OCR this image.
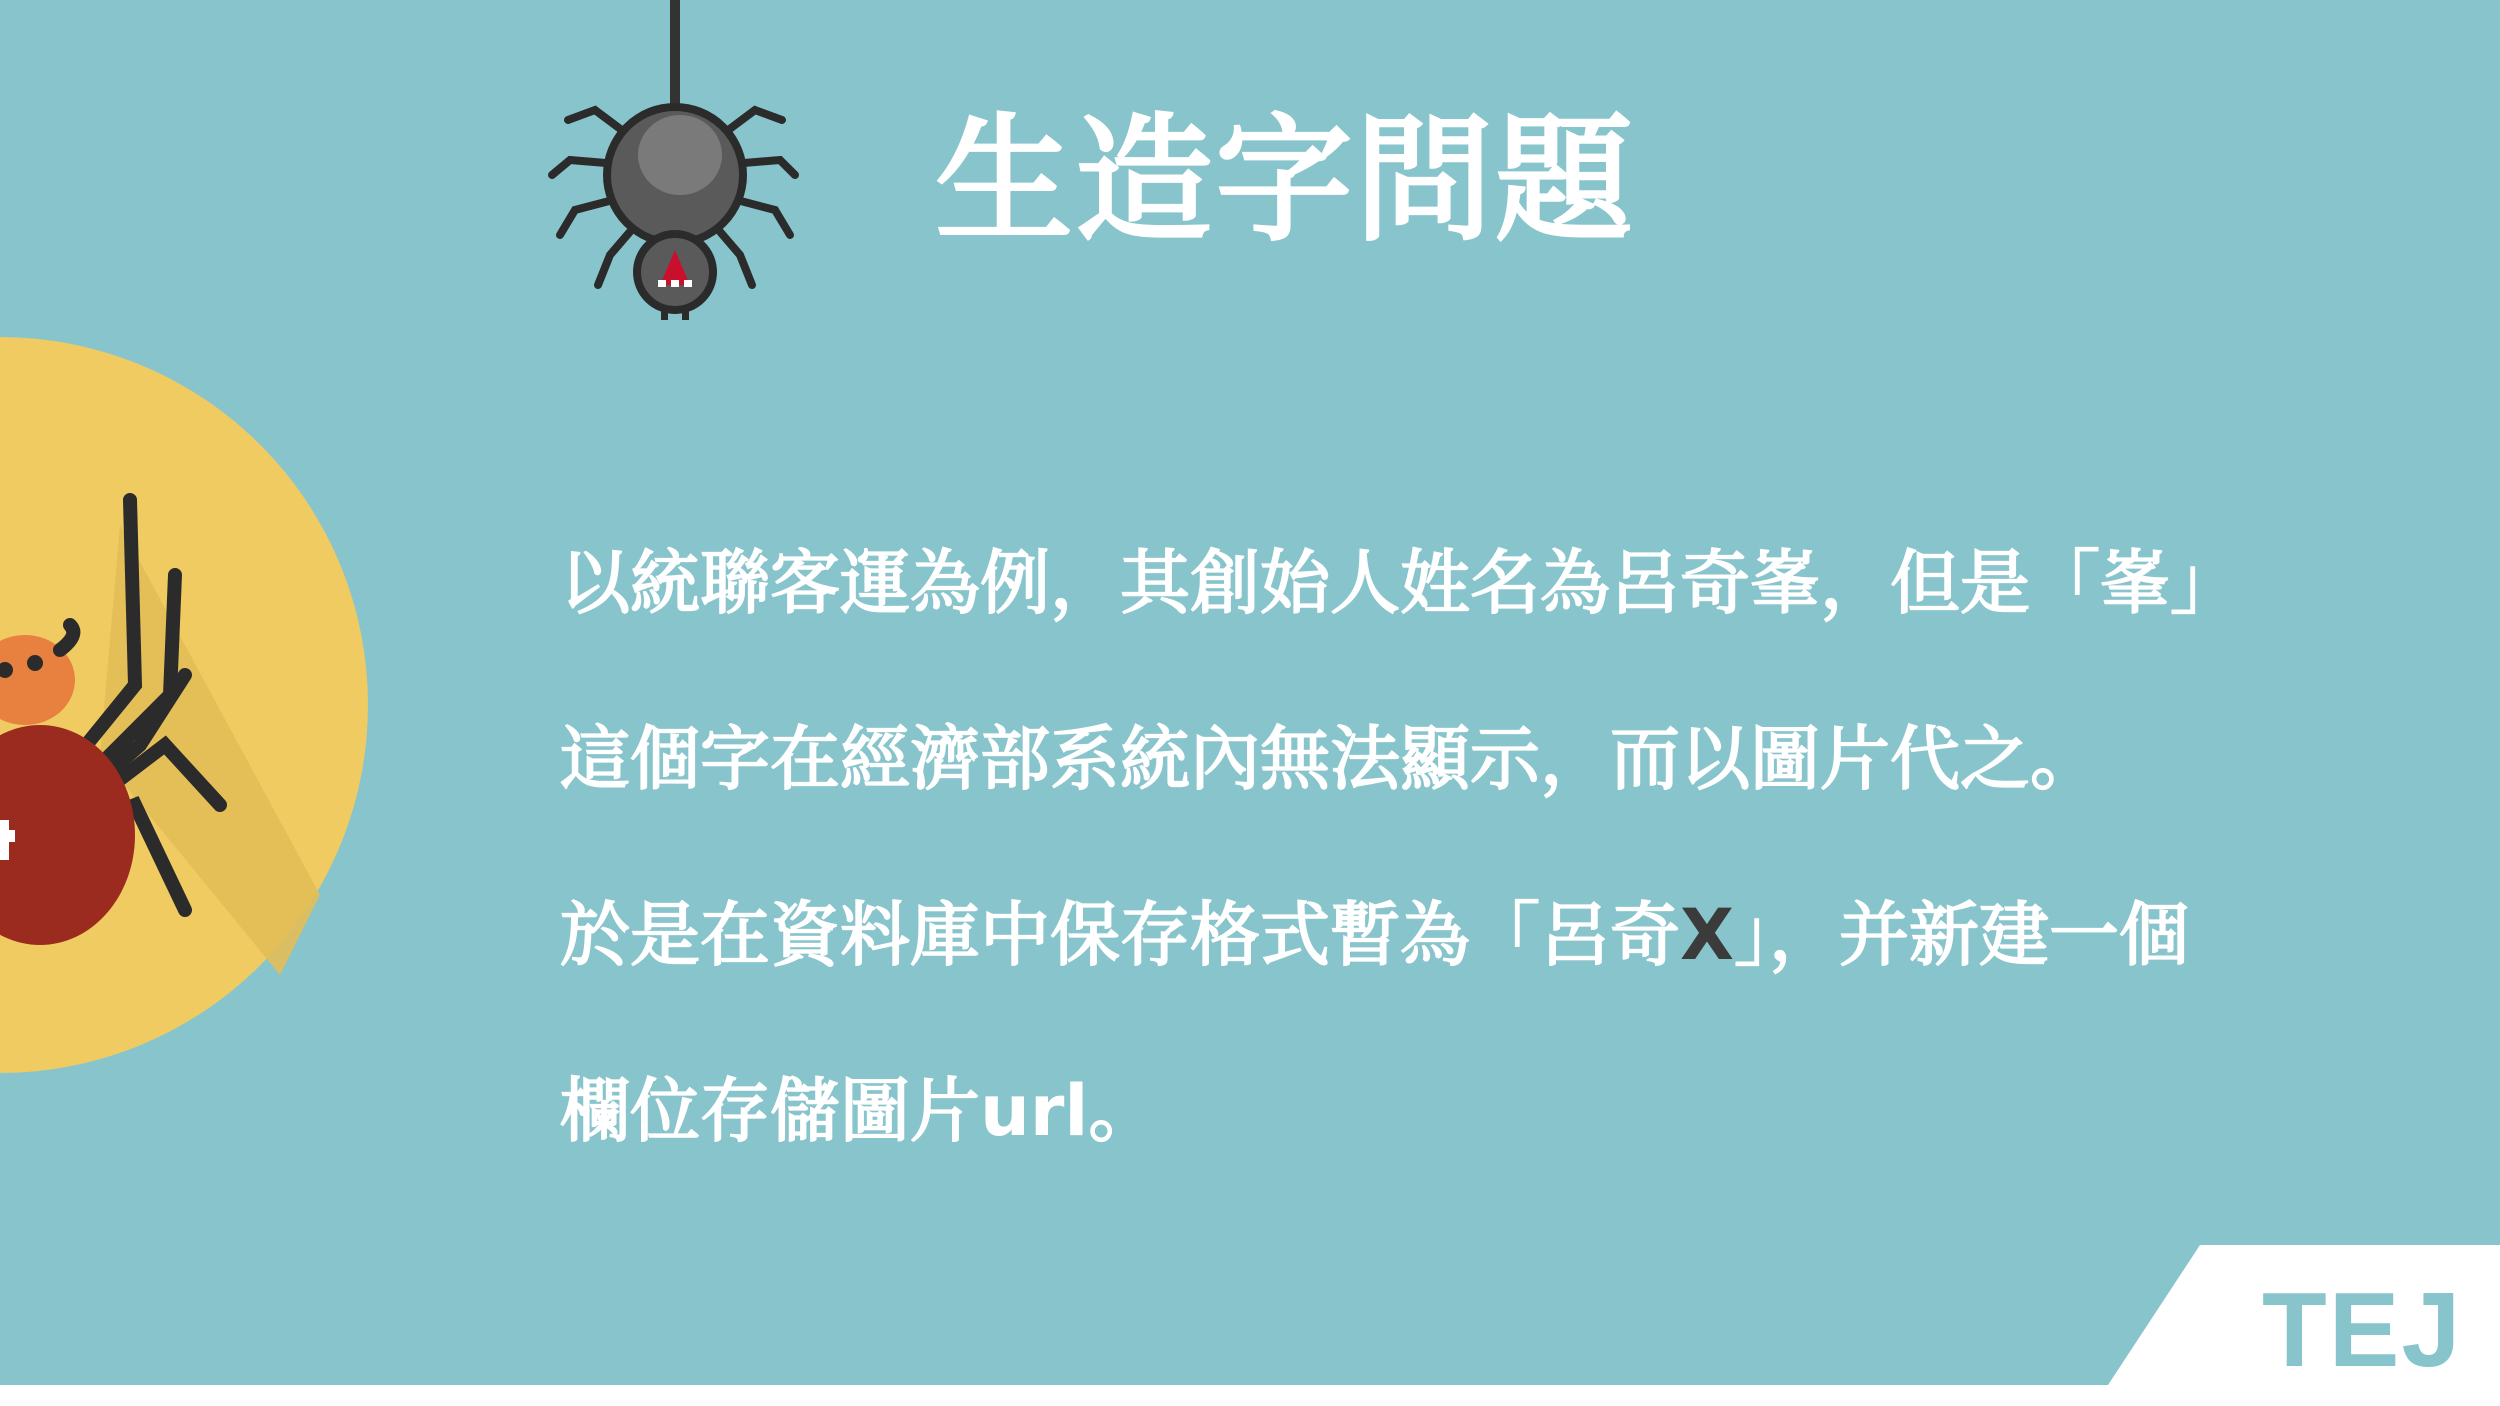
生造字問題
以統聯客運為例，其創始人姓名為呂奇峯，但是「峯」
這個字在經濟部系統內無法顯示，而以圖片代之。
於是在資料庫中保存格式暫為「呂奇X」，并新建一個
欄位存儲圖片url。
TEJ
